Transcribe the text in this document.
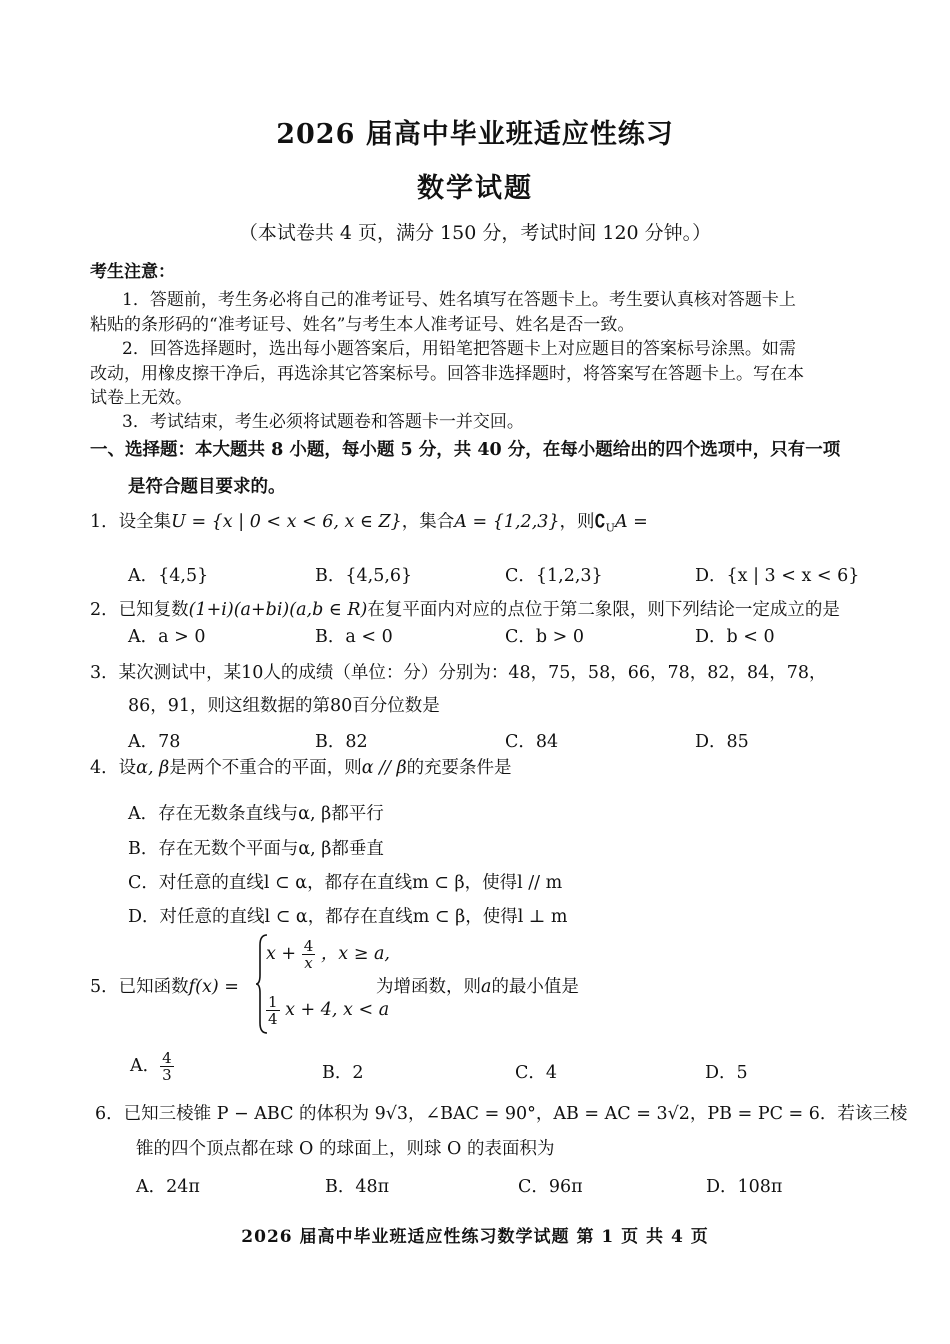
2026 届高中毕业班适应性练习
数学试题
（本试卷共 4 页，满分 150 分，考试时间 120 分钟。）
考生注意：
1．答题前，考生务必将自己的准考证号、姓名填写在答题卡上。考生要认真核对答题卡上
粘贴的条形码的“准考证号、姓名”与考生本人准考证号、姓名是否一致。
2．回答选择题时，选出每小题答案后，用铅笔把答题卡上对应题目的答案标号涂黑。如需
改动，用橡皮擦干净后，再选涂其它答案标号。回答非选择题时，将答案写在答题卡上。写在本
试卷上无效。
3．考试结束，考生必须将试题卷和答题卡一并交回。
一、选择题：本大题共 8 小题，每小题 5 分，共 40 分，在每小题给出的四个选项中，只有一项
是符合题目要求的。
1．设全集U = {x | 0 < x < 6, x ∈ Z}，集合A = {1,2,3}，则$∁_UA$ =
A．{4,5}	B．{4,5,6}	C．{1,2,3}	D．{x | 3 < x < 6}
2．已知复数(1+i)(a+bi)(a,b ∈ R)在复平面内对应的点位于第二象限，则下列结论一定成立的是
A．a > 0	B．a < 0	C．b > 0	D．b < 0
3．某次测试中，某10人的成绩（单位：分）分别为：48，75，58，66，78，82，84，78，
86，91，则这组数据的第80百分位数是
A．78	B．82	C．84	D．85
4．设α, β是两个不重合的平面，则α // β的充要条件是
A．存在无数条直线与α, β都平行
B．存在无数个平面与α, β都垂直
C．对任意的直线l ⊂ α，都存在直线m ⊂ β，使得l // m
D．对任意的直线l ⊂ α，都存在直线m ⊂ β，使得l ⊥ m
5．已知函数f(x) =
$x + \frac{4}{x}$ ，x ≥ a,
$\frac{1}{4}$ x + 4, x < a
为增函数，则a的最小值是
A． $\frac{4}{3}$	B．2	C．4	D．5
6．已知三棱锥 P − ABC 的体积为 9√3，∠BAC = 90°，AB = AC = 3√2，PB = PC = 6．若该三棱
锥的四个顶点都在球 O 的球面上，则球 O 的表面积为
A．24π	B．48π	C．96π	D．108π
2026 届高中毕业班适应性练习数学试题 第 1 页 共 4 页
